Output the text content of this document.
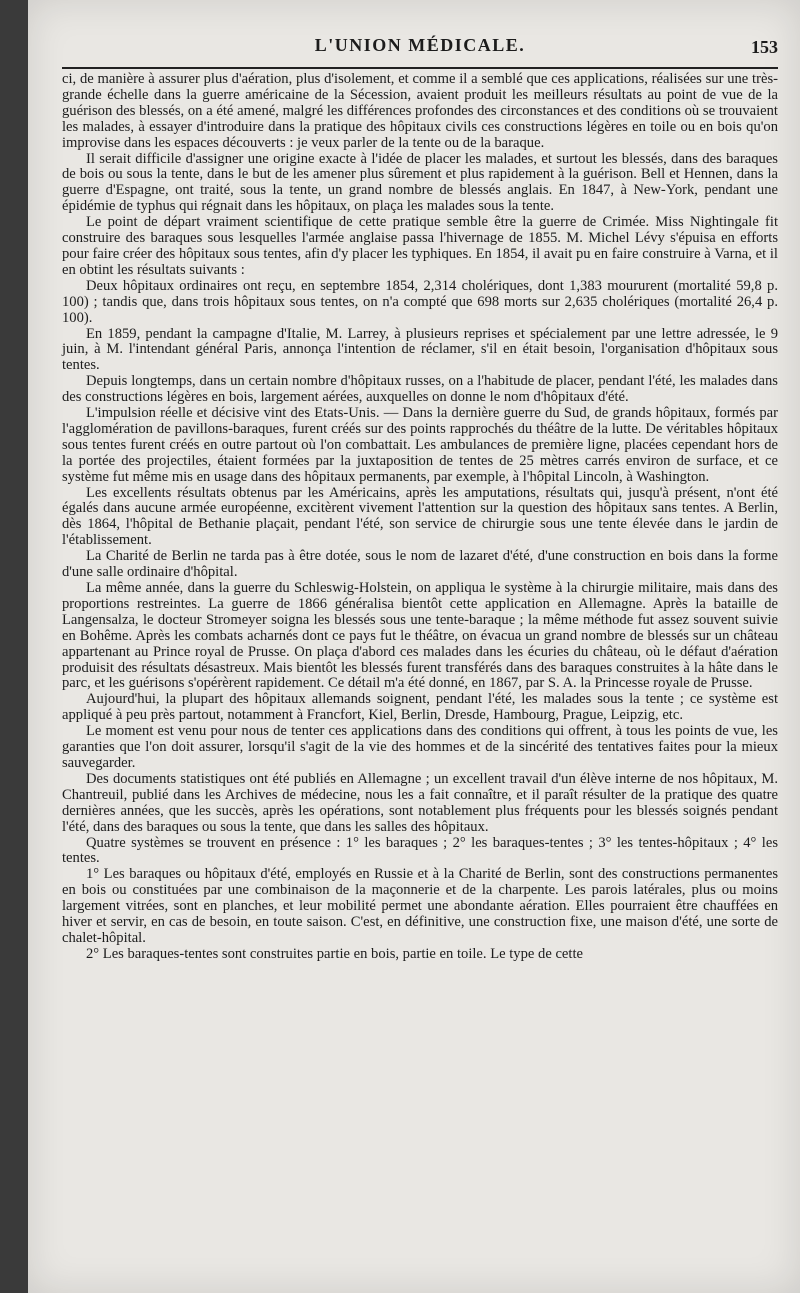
L'UNION MÉDICALE.	153

ci, de manière à assurer plus d'aération, plus d'isolement, et comme il a semblé que ces applications, réalisées sur une très-grande échelle dans la guerre américaine de la Sécession, avaient produit les meilleurs résultats au point de vue de la guérison des blessés, on a été amené, malgré les différences profondes des circonstances et des conditions où se trouvaient les malades, à essayer d'introduire dans la pratique des hôpitaux civils ces constructions légères en toile ou en bois qu'on improvise dans les espaces découverts : je veux parler de la tente ou de la baraque.

Il serait difficile d'assigner une origine exacte à l'idée de placer les malades, et surtout les blessés, dans des baraques de bois ou sous la tente, dans le but de les amener plus sûrement et plus rapidement à la guérison. Bell et Hennen, dans la guerre d'Espagne, ont traité, sous la tente, un grand nombre de blessés anglais. En 1847, à New-York, pendant une épidémie de typhus qui régnait dans les hôpitaux, on plaça les malades sous la tente.

Le point de départ vraiment scientifique de cette pratique semble être la guerre de Crimée. Miss Nightingale fit construire des baraques sous lesquelles l'armée anglaise passa l'hivernage de 1855. M. Michel Lévy s'épuisa en efforts pour faire créer des hôpitaux sous tentes, afin d'y placer les typhiques. En 1854, il avait pu en faire construire à Varna, et il en obtint les résultats suivants :

Deux hôpitaux ordinaires ont reçu, en septembre 1854, 2,314 cholériques, dont 1,383 moururent (mortalité 59,8 p. 100) ; tandis que, dans trois hôpitaux sous tentes, on n'a compté que 698 morts sur 2,635 cholériques (mortalité 26,4 p. 100).

En 1859, pendant la campagne d'Italie, M. Larrey, à plusieurs reprises et spécialement par une lettre adressée, le 9 juin, à M. l'intendant général Paris, annonça l'intention de réclamer, s'il en était besoin, l'organisation d'hôpitaux sous tentes.

Depuis longtemps, dans un certain nombre d'hôpitaux russes, on a l'habitude de placer, pendant l'été, les malades dans des constructions légères en bois, largement aérées, auxquelles on donne le nom d'hôpitaux d'été.

L'impulsion réelle et décisive vint des Etats-Unis. — Dans la dernière guerre du Sud, de grands hôpitaux, formés par l'agglomération de pavillons-baraques, furent créés sur des points rapprochés du théâtre de la lutte. De véritables hôpitaux sous tentes furent créés en outre partout où l'on combattait. Les ambulances de première ligne, placées cependant hors de la portée des projectiles, étaient formées par la juxtaposition de tentes de 25 mètres carrés environ de surface, et ce système fut même mis en usage dans des hôpitaux permanents, par exemple, à l'hôpital Lincoln, à Washington.

Les excellents résultats obtenus par les Américains, après les amputations, résultats qui, jusqu'à présent, n'ont été égalés dans aucune armée européenne, excitèrent vivement l'attention sur la question des hôpitaux sans tentes. A Berlin, dès 1864, l'hôpital de Bethanie plaçait, pendant l'été, son service de chirurgie sous une tente élevée dans le jardin de l'établissement.

La Charité de Berlin ne tarda pas à être dotée, sous le nom de lazaret d'été, d'une construction en bois dans la forme d'une salle ordinaire d'hôpital.

La même année, dans la guerre du Schleswig-Holstein, on appliqua le système à la chirurgie militaire, mais dans des proportions restreintes. La guerre de 1866 généralisa bientôt cette application en Allemagne. Après la bataille de Langensalza, le docteur Stromeyer soigna les blessés sous une tente-baraque ; la même méthode fut assez souvent suivie en Bohême. Après les combats acharnés dont ce pays fut le théâtre, on évacua un grand nombre de blessés sur un château appartenant au Prince royal de Prusse. On plaça d'abord ces malades dans les écuries du château, où le défaut d'aération produisit des résultats désastreux. Mais bientôt les blessés furent transférés dans des baraques construites à la hâte dans le parc, et les guérisons s'opérèrent rapidement. Ce détail m'a été donné, en 1867, par S. A. la Princesse royale de Prusse.

Aujourd'hui, la plupart des hôpitaux allemands soignent, pendant l'été, les malades sous la tente ; ce système est appliqué à peu près partout, notamment à Francfort, Kiel, Berlin, Dresde, Hambourg, Prague, Leipzig, etc.

Le moment est venu pour nous de tenter ces applications dans des conditions qui offrent, à tous les points de vue, les garanties que l'on doit assurer, lorsqu'il s'agit de la vie des hommes et de la sincérité des tentatives faites pour la mieux sauvegarder.

Des documents statistiques ont été publiés en Allemagne ; un excellent travail d'un élève interne de nos hôpitaux, M. Chantreuil, publié dans les Archives de médecine, nous les a fait connaître, et il paraît résulter de la pratique des quatre dernières années, que les succès, après les opérations, sont notablement plus fréquents pour les blessés soignés pendant l'été, dans des baraques ou sous la tente, que dans les salles des hôpitaux.

Quatre systèmes se trouvent en présence : 1° les baraques ; 2° les baraques-tentes ; 3° les tentes-hôpitaux ; 4° les tentes.

1° Les baraques ou hôpitaux d'été, employés en Russie et à la Charité de Berlin, sont des constructions permanentes en bois ou constituées par une combinaison de la maçonnerie et de la charpente. Les parois latérales, plus ou moins largement vitrées, sont en planches, et leur mobilité permet une abondante aération. Elles pourraient être chauffées en hiver et servir, en cas de besoin, en toute saison. C'est, en définitive, une construction fixe, une maison d'été, une sorte de chalet-hôpital.

2° Les baraques-tentes sont construites partie en bois, partie en toile. Le type de cette
